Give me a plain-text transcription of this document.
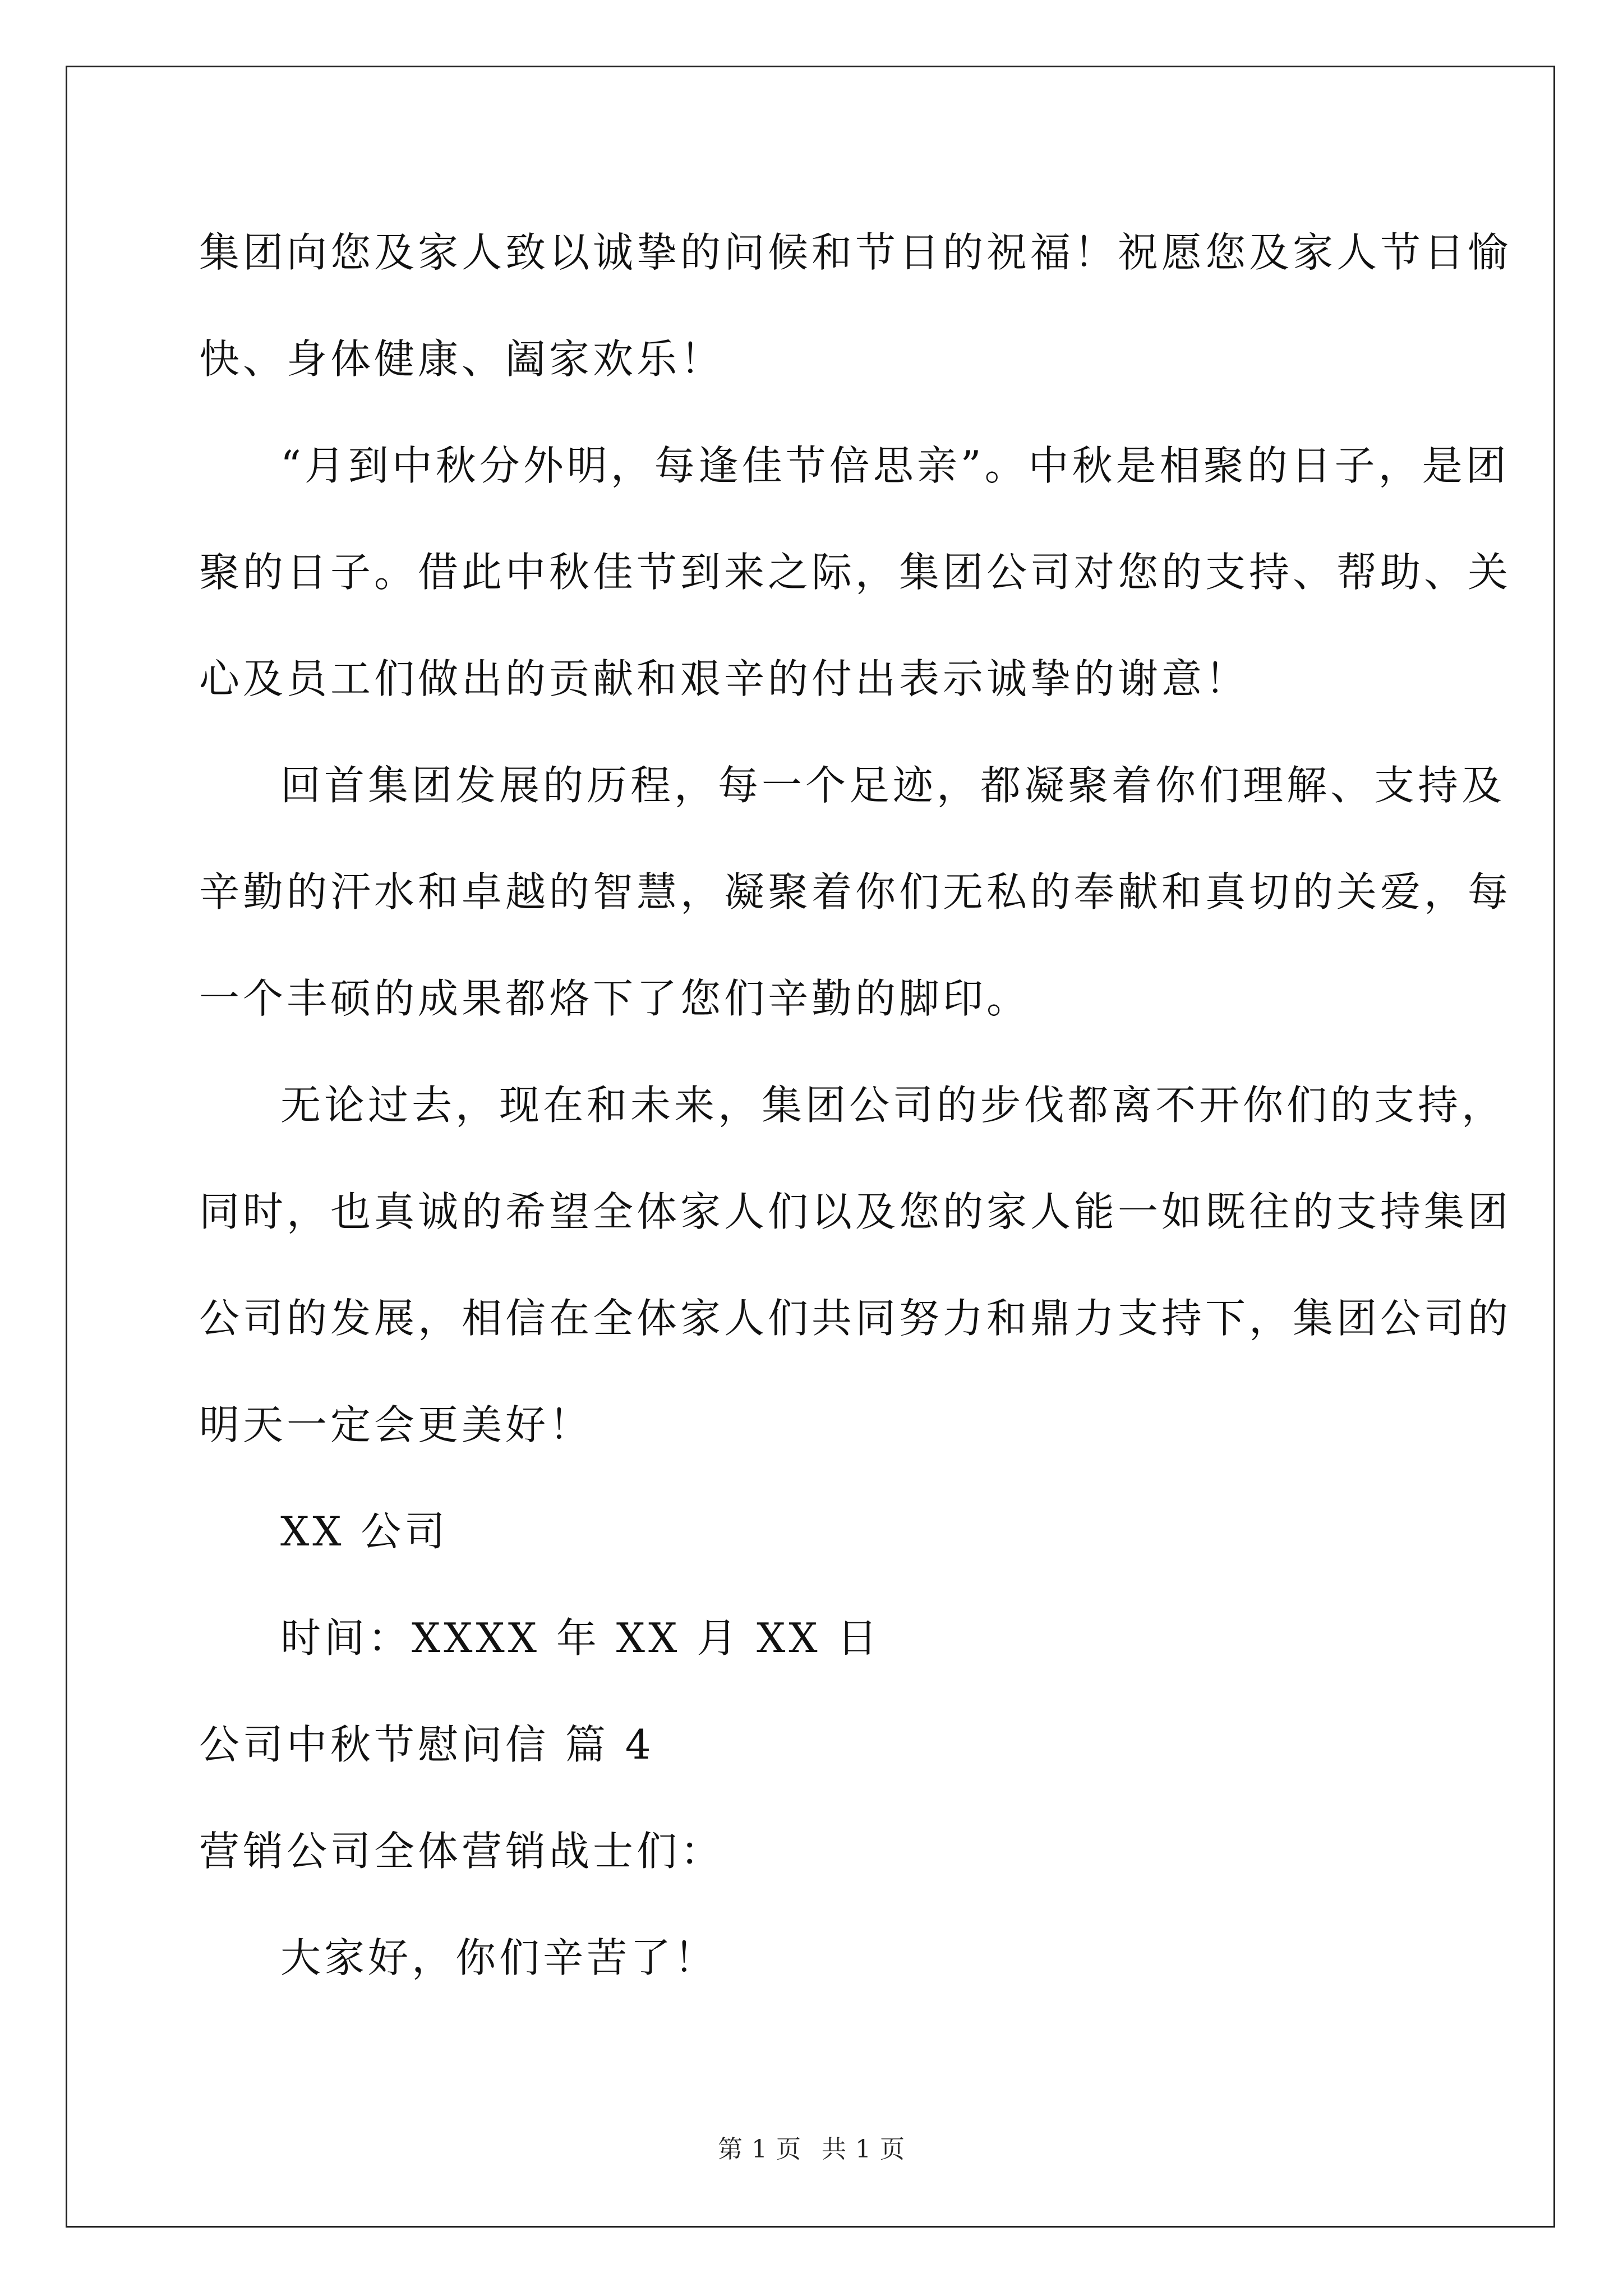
集团向您及家人致以诚挚的问候和节日的祝福！祝愿您及家人节日愉
快、身体健康、阖家欢乐！
“月到中秋分外明，每逢佳节倍思亲”。中秋是相聚的日子，是团
聚的日子。借此中秋佳节到来之际，集团公司对您的支持、帮助、关
心及员工们做出的贡献和艰辛的付出表示诚挚的谢意！
回首集团发展的历程，每一个足迹，都凝聚着你们理解、支持及
辛勤的汗水和卓越的智慧，凝聚着你们无私的奉献和真切的关爱，每
一个丰硕的成果都烙下了您们辛勤的脚印。
无论过去，现在和未来，集团公司的步伐都离不开你们的支持，
同时，也真诚的希望全体家人们以及您的家人能一如既往的支持集团
公司的发展，相信在全体家人们共同努力和鼎力支持下，集团公司的
明天一定会更美好！
XX 公司
时间：XXXX 年 XX 月 XX 日
公司中秋节慰问信 篇 4
营销公司全体营销战士们：
大家好，你们辛苦了！
第 1 页 共 1 页
